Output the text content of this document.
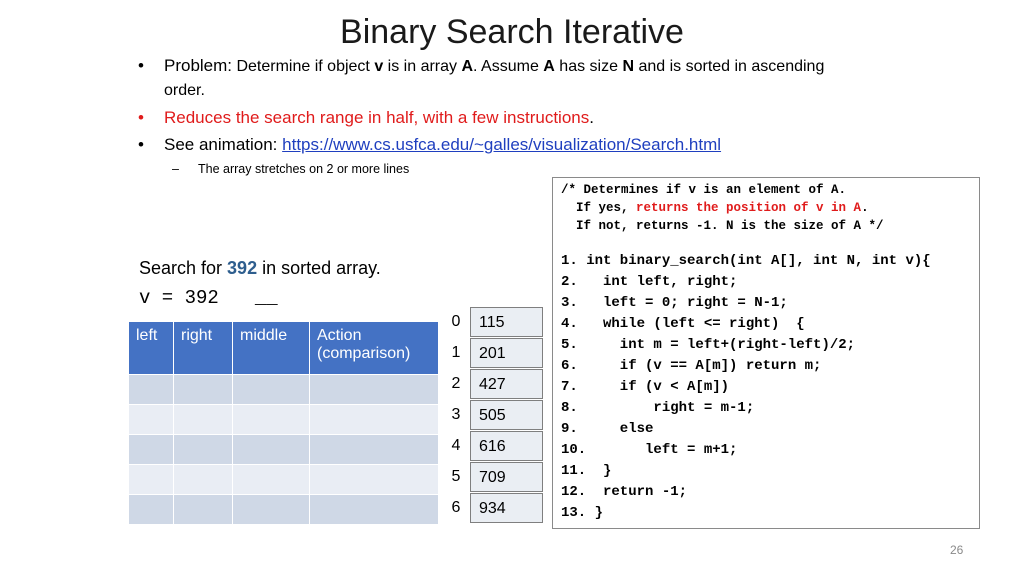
Binary Search Iterative
• Problem: Determine if object v is in array A. Assume A has size N and is sorted in ascending order.
• Reduces the search range in half, with a few instructions.
• See animation: https://www.cs.usfca.edu/~galles/visualization/Search.html
– The array stretches on 2 or more lines
Search for 392 in sorted array.
v = 392 __
left	right	middle	Action (comparison)

0	115
1	201
2	427
3	505
4	616
5	709
6	934
/* Determines if v is an element of A.
If yes, returns the position of v in A.
If not, returns -1. N is the size of A */
1. int binary_search(int A[], int N, int v){
2.   int left, right;
3.   left = 0; right = N-1;
4.   while (left <= right)  {
5.     int m = left+(right-left)/2;
6.     if (v == A[m]) return m;
7.     if (v < A[m])
8.         right = m-1;
9.     else
10.       left = m+1;
11.  }
12.  return -1;
13. }
26
